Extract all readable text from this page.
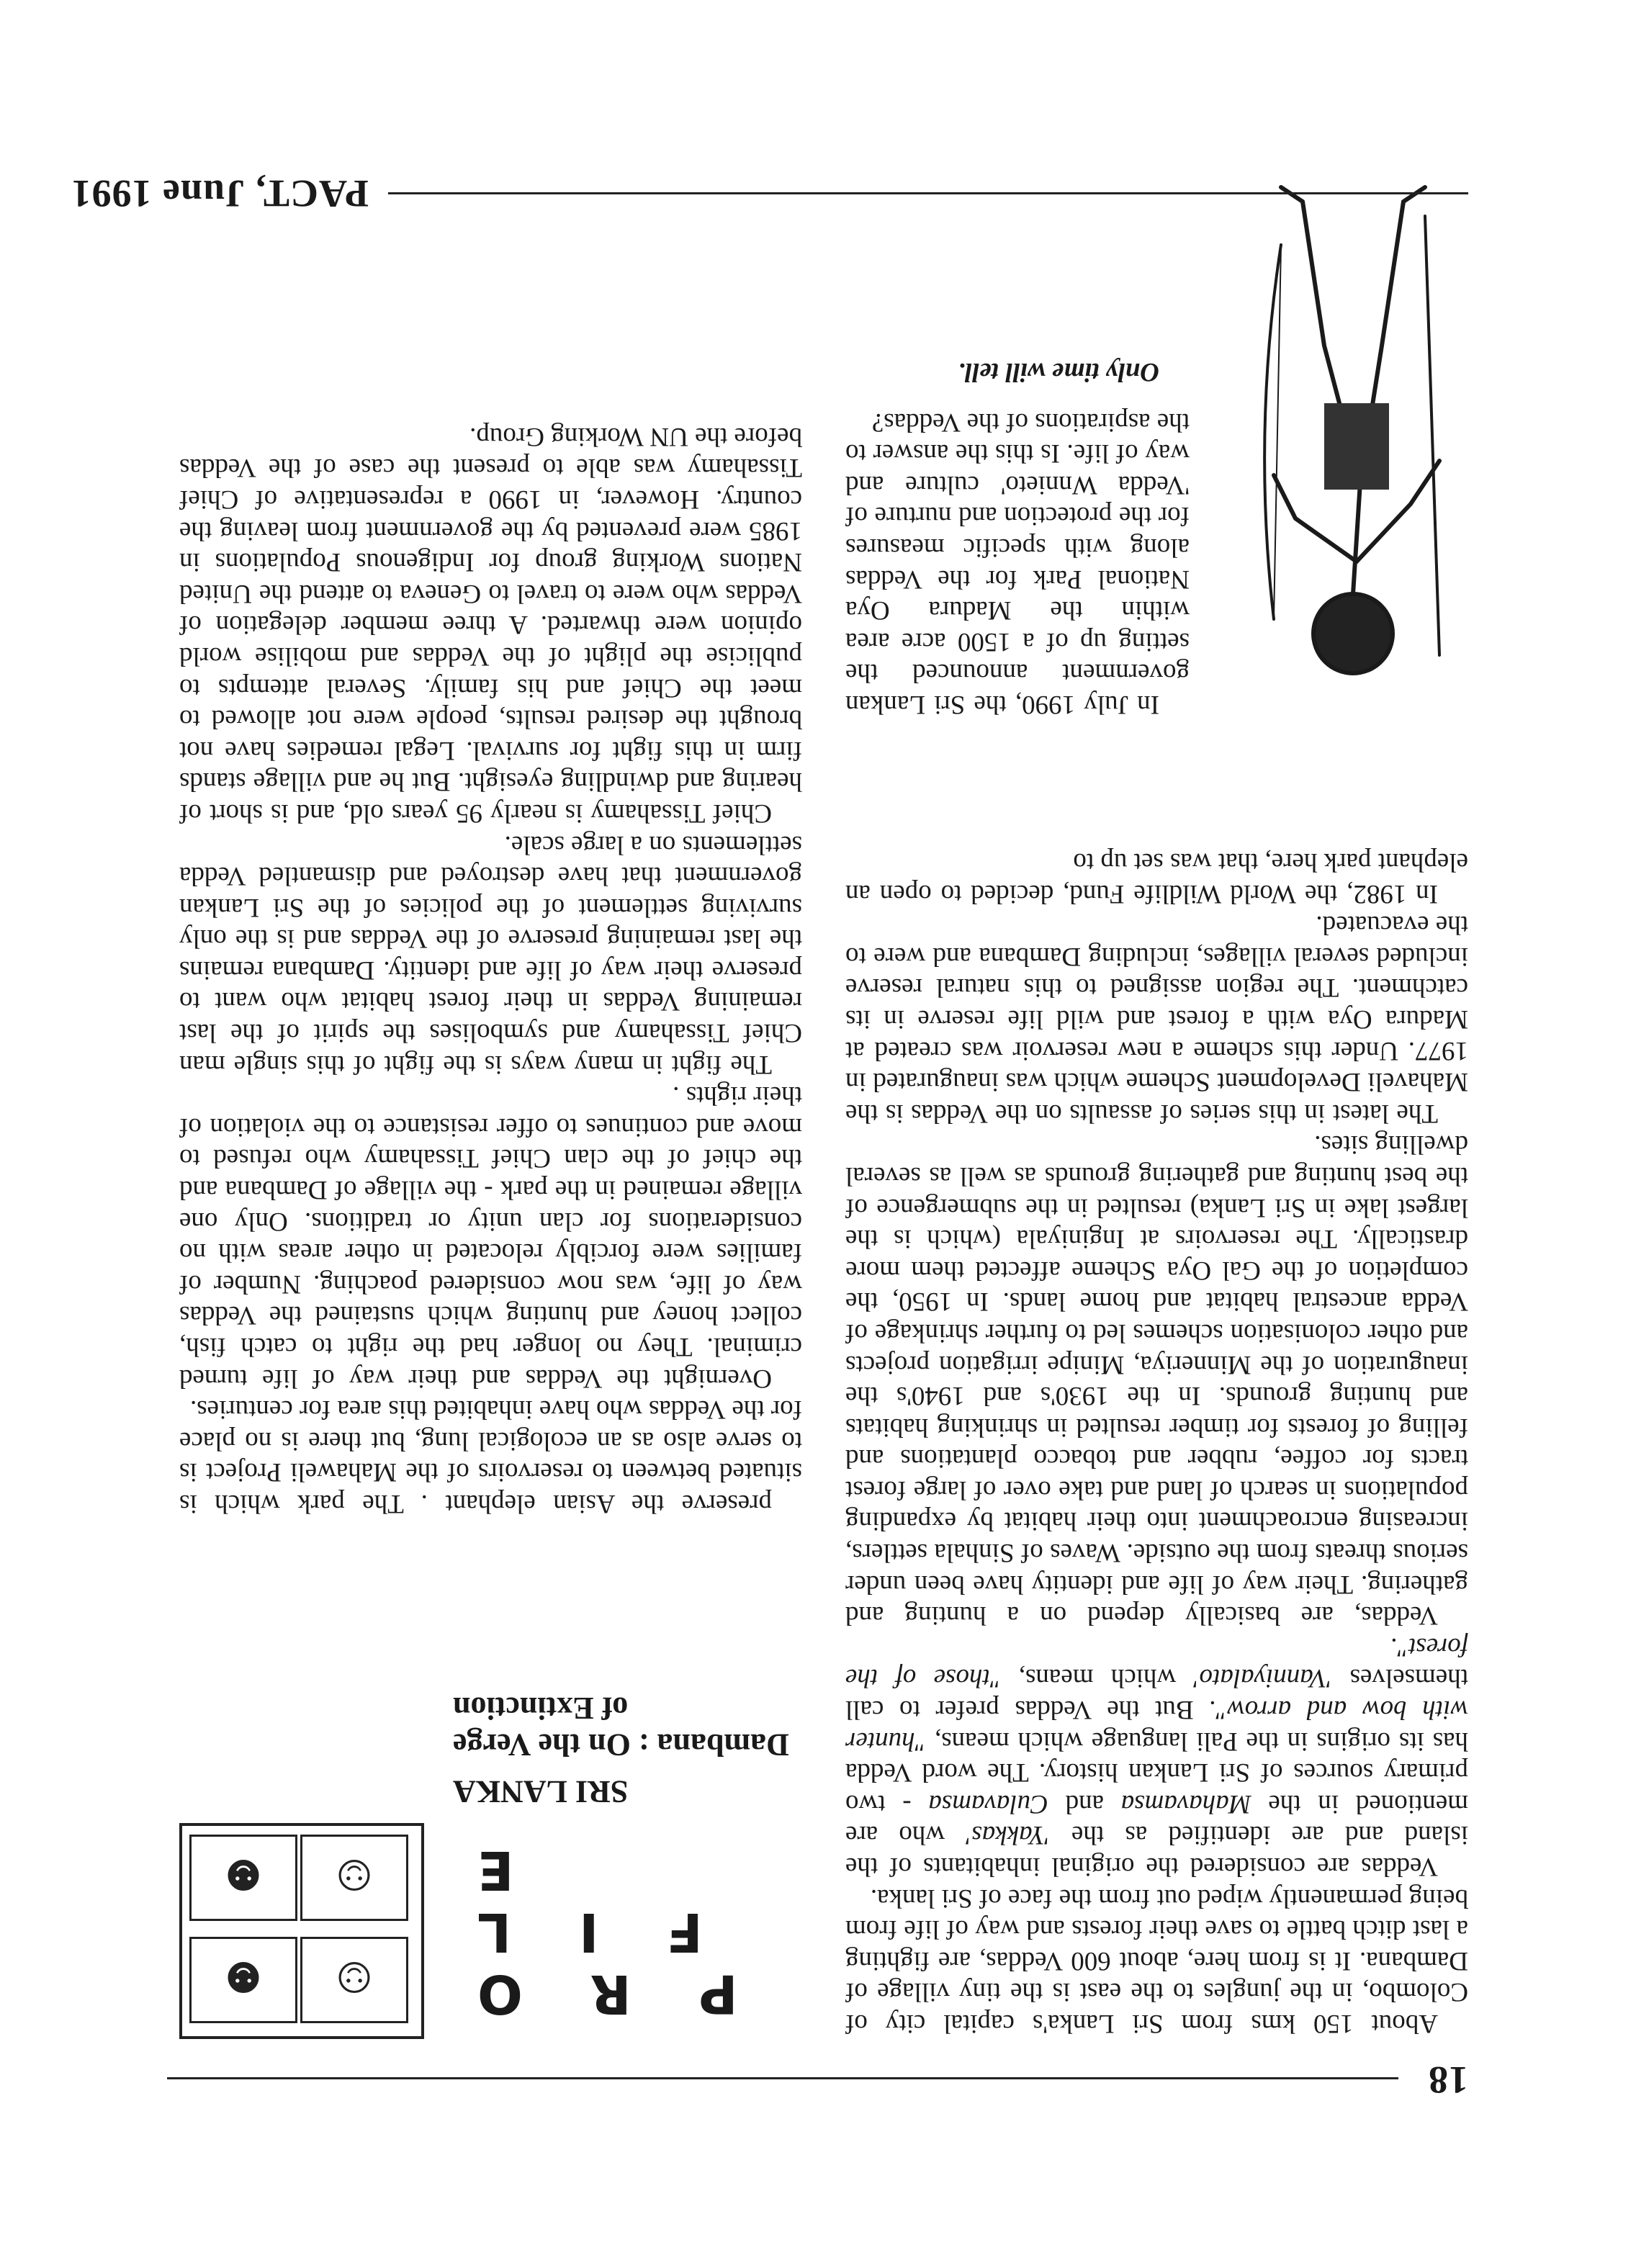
18

About 150 kms from Sri Lanka's capital city of Colombo, in the jungles to the east is the tiny village of Dambana. It is from here, about 600 Veddas, are fighting a last ditch battle to save their forests and way of life from being permanently wiped out from the face of Sri lanka.

Veddas are considered the original inhabitants of the island and are identified as the 'Yakkas' who are mentioned in the Mahavamsa and Culavamsa - two primary sources of Sri Lankan history. The word Vedda has its origins in the Pali language which means, "hunter with bow and arrow". But the Veddas prefer to call themselves 'Vanniyalato' which means, "those of the forest".

Veddas, are basically depend on a hunting and gathering. Their way of life and identity have been under serious threats from the outside. Waves of Sinhala settlers, increasing encroachment into their habitat by expanding populations in search of land and take over of large forest tracts for coffee, rubber and tobacco plantations and felling of forests for timber resulted in shrinking habitats and hunting grounds. In the 1930's and 1940's the inauguration of the Minneriya, Minipe irrigation projects and other colonisation schemes led to further shrinkage of Vedda ancestral habitat and home lands. In 1950, the completion of the Gal Oya Scheme affected them more drastically. The reservoirs at Inginiyala (which is the largest lake in Sri Lanka) resulted in the submergence of the best hunting and gathering grounds as well as several dwelling sites.

The latest in this series of assaults on the Veddas is the Mahaveli Development Scheme which was inaugurated in 1977. Under this scheme a new reservoir was created at Madura Oya with a forest and wild life reserve in its catchment. The region assigned to this natural reserve included several villages, including Dambana and were to the evacuated.

In 1982, the World Wildlife Fund, decided to open an elephant park here, that was set up to

preserve the Asian elephant . The park which is situated between to reservoirs of the Mahaweli Project is to serve also as an ecological lung, but there is no place for the Veddas who have inhabited this area for centuries.

Overnight the Veddas and their way of life turned criminal. They no longer had the right to catch fish, collect honey and hunting which sustained the Veddas way of life, was now considered poaching. Number of families were forcibly relocated in other areas with no considerations for clan unity or traditions. Only one village remained in the park - the village of Dambana and the chief of the clan Chief Tissahamy who refused to move and continues to offer resistance to the violation of their rights .

The fight in many ways is the fight of this single man Chief Tissahamy and symbolises the spirit of the last remaining Veddas in their forest habitat who want to preserve their way of life and identity. Dambana remains the last remaining preserve of the Veddas and is the only surviving settlement of the policies of the Sri Lankan government that have destroyed and dismantled Vedda settlements on a large scale.

Chief Tissahamy is nearly 95 years old, and is short of hearing and dwindling eyesight. But he and village stands firm in this fight for survival. Legal remedies have not brought the desired results, people were not allowed to meet the Chief and his family. Several attempts to publicise the plight of the Veddas and mobilise world opinion were thwarted. A three member delegation of Veddas who were to travel to Geneva to attend the United Nations Working group for Indigenous Populations in 1985 were prevented by the government from leaving the country. However, in 1990 a representative of Chief Tissahamy was able to present the case of the Veddas before the UN Working Group.

In July 1990, the Sri Lankan government announced the setting up of a 1500 acre area within the Madura Oya National Park for the Veddas along with specific measures for the protection and nurture of 'Vedda Wnnieto' culture and way of life. Is this the answer to the aspirations of the Veddas?

Only time will tell.

PACT, June 1991
☺
☻
☺
☻
P R O F I L E
SRI LANKA
Dambana : On the Verge of Extinction
